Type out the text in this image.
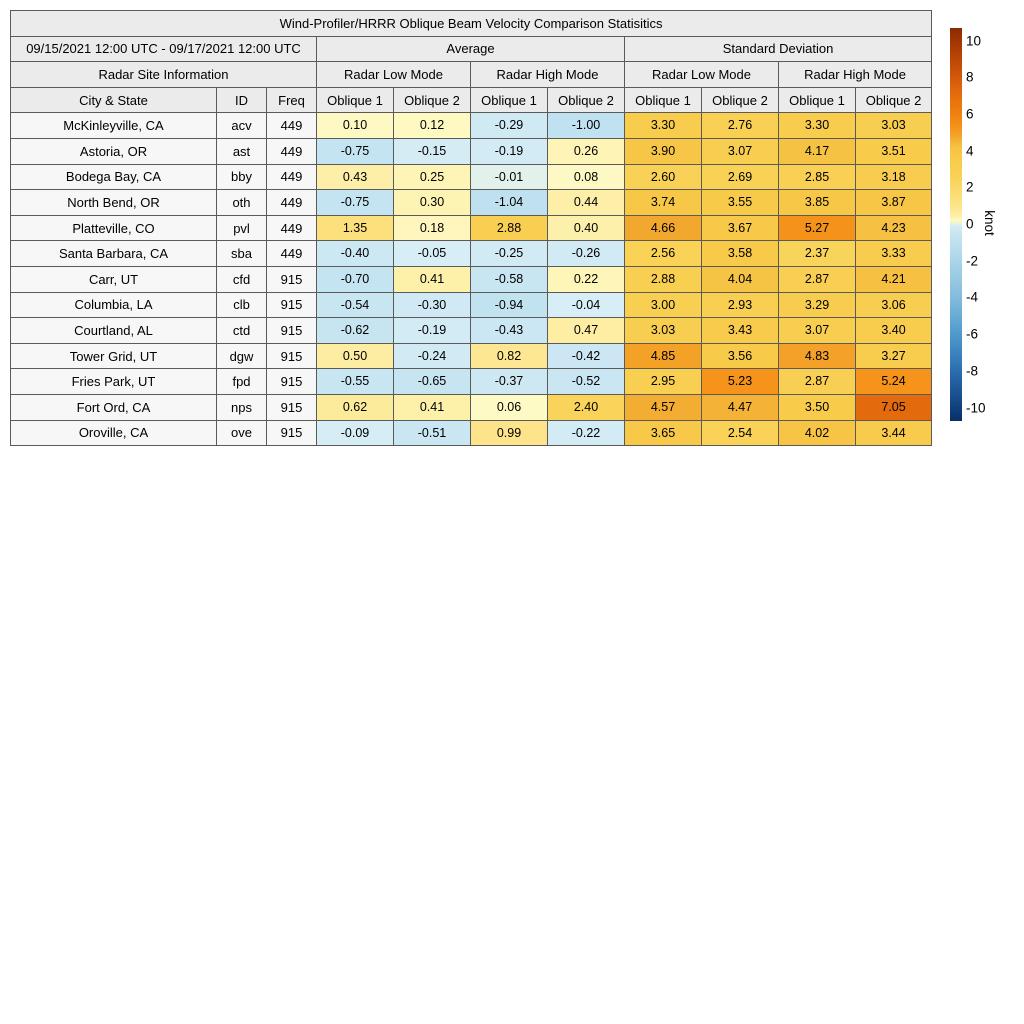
Wind-Profiler/HRRR Oblique Beam Velocity Comparison Statisitics										
09/15/2021 12:00 UTC - 09/17/2021 12:00 UTC			Average				Standard Deviation			
Radar Site Information			Radar Low Mode		Radar High Mode		Radar Low Mode		Radar High Mode	
City & State	ID	Freq	Oblique 1	Oblique 2	Oblique 1	Oblique 2	Oblique 1	Oblique 2	Oblique 1	Oblique 2
McKinleyville, CA	acv	449	0.10	0.12	-0.29	-1.00	3.30	2.76	3.30	3.03
Astoria, OR	ast	449	-0.75	-0.15	-0.19	0.26	3.90	3.07	4.17	3.51
Bodega Bay, CA	bby	449	0.43	0.25	-0.01	0.08	2.60	2.69	2.85	3.18
North Bend, OR	oth	449	-0.75	0.30	-1.04	0.44	3.74	3.55	3.85	3.87
Platteville, CO	pvl	449	1.35	0.18	2.88	0.40	4.66	3.67	5.27	4.23
Santa Barbara, CA	sba	449	-0.40	-0.05	-0.25	-0.26	2.56	3.58	2.37	3.33
Carr, UT	cfd	915	-0.70	0.41	-0.58	0.22	2.88	4.04	2.87	4.21
Columbia, LA	clb	915	-0.54	-0.30	-0.94	-0.04	3.00	2.93	3.29	3.06
Courtland, AL	ctd	915	-0.62	-0.19	-0.43	0.47	3.03	3.43	3.07	3.40
Tower Grid, UT	dgw	915	0.50	-0.24	0.82	-0.42	4.85	3.56	4.83	3.27
Fries Park, UT	fpd	915	-0.55	-0.65	-0.37	-0.52	2.95	5.23	2.87	5.24
Fort Ord, CA	nps	915	0.62	0.41	0.06	2.40	4.57	4.47	3.50	7.05
Oroville, CA	ove	915	-0.09	-0.51	0.99	-0.22	3.65	2.54	4.02	3.44
10
8
6
4
2
0
-2
-4
-6
-8
-10
knot
